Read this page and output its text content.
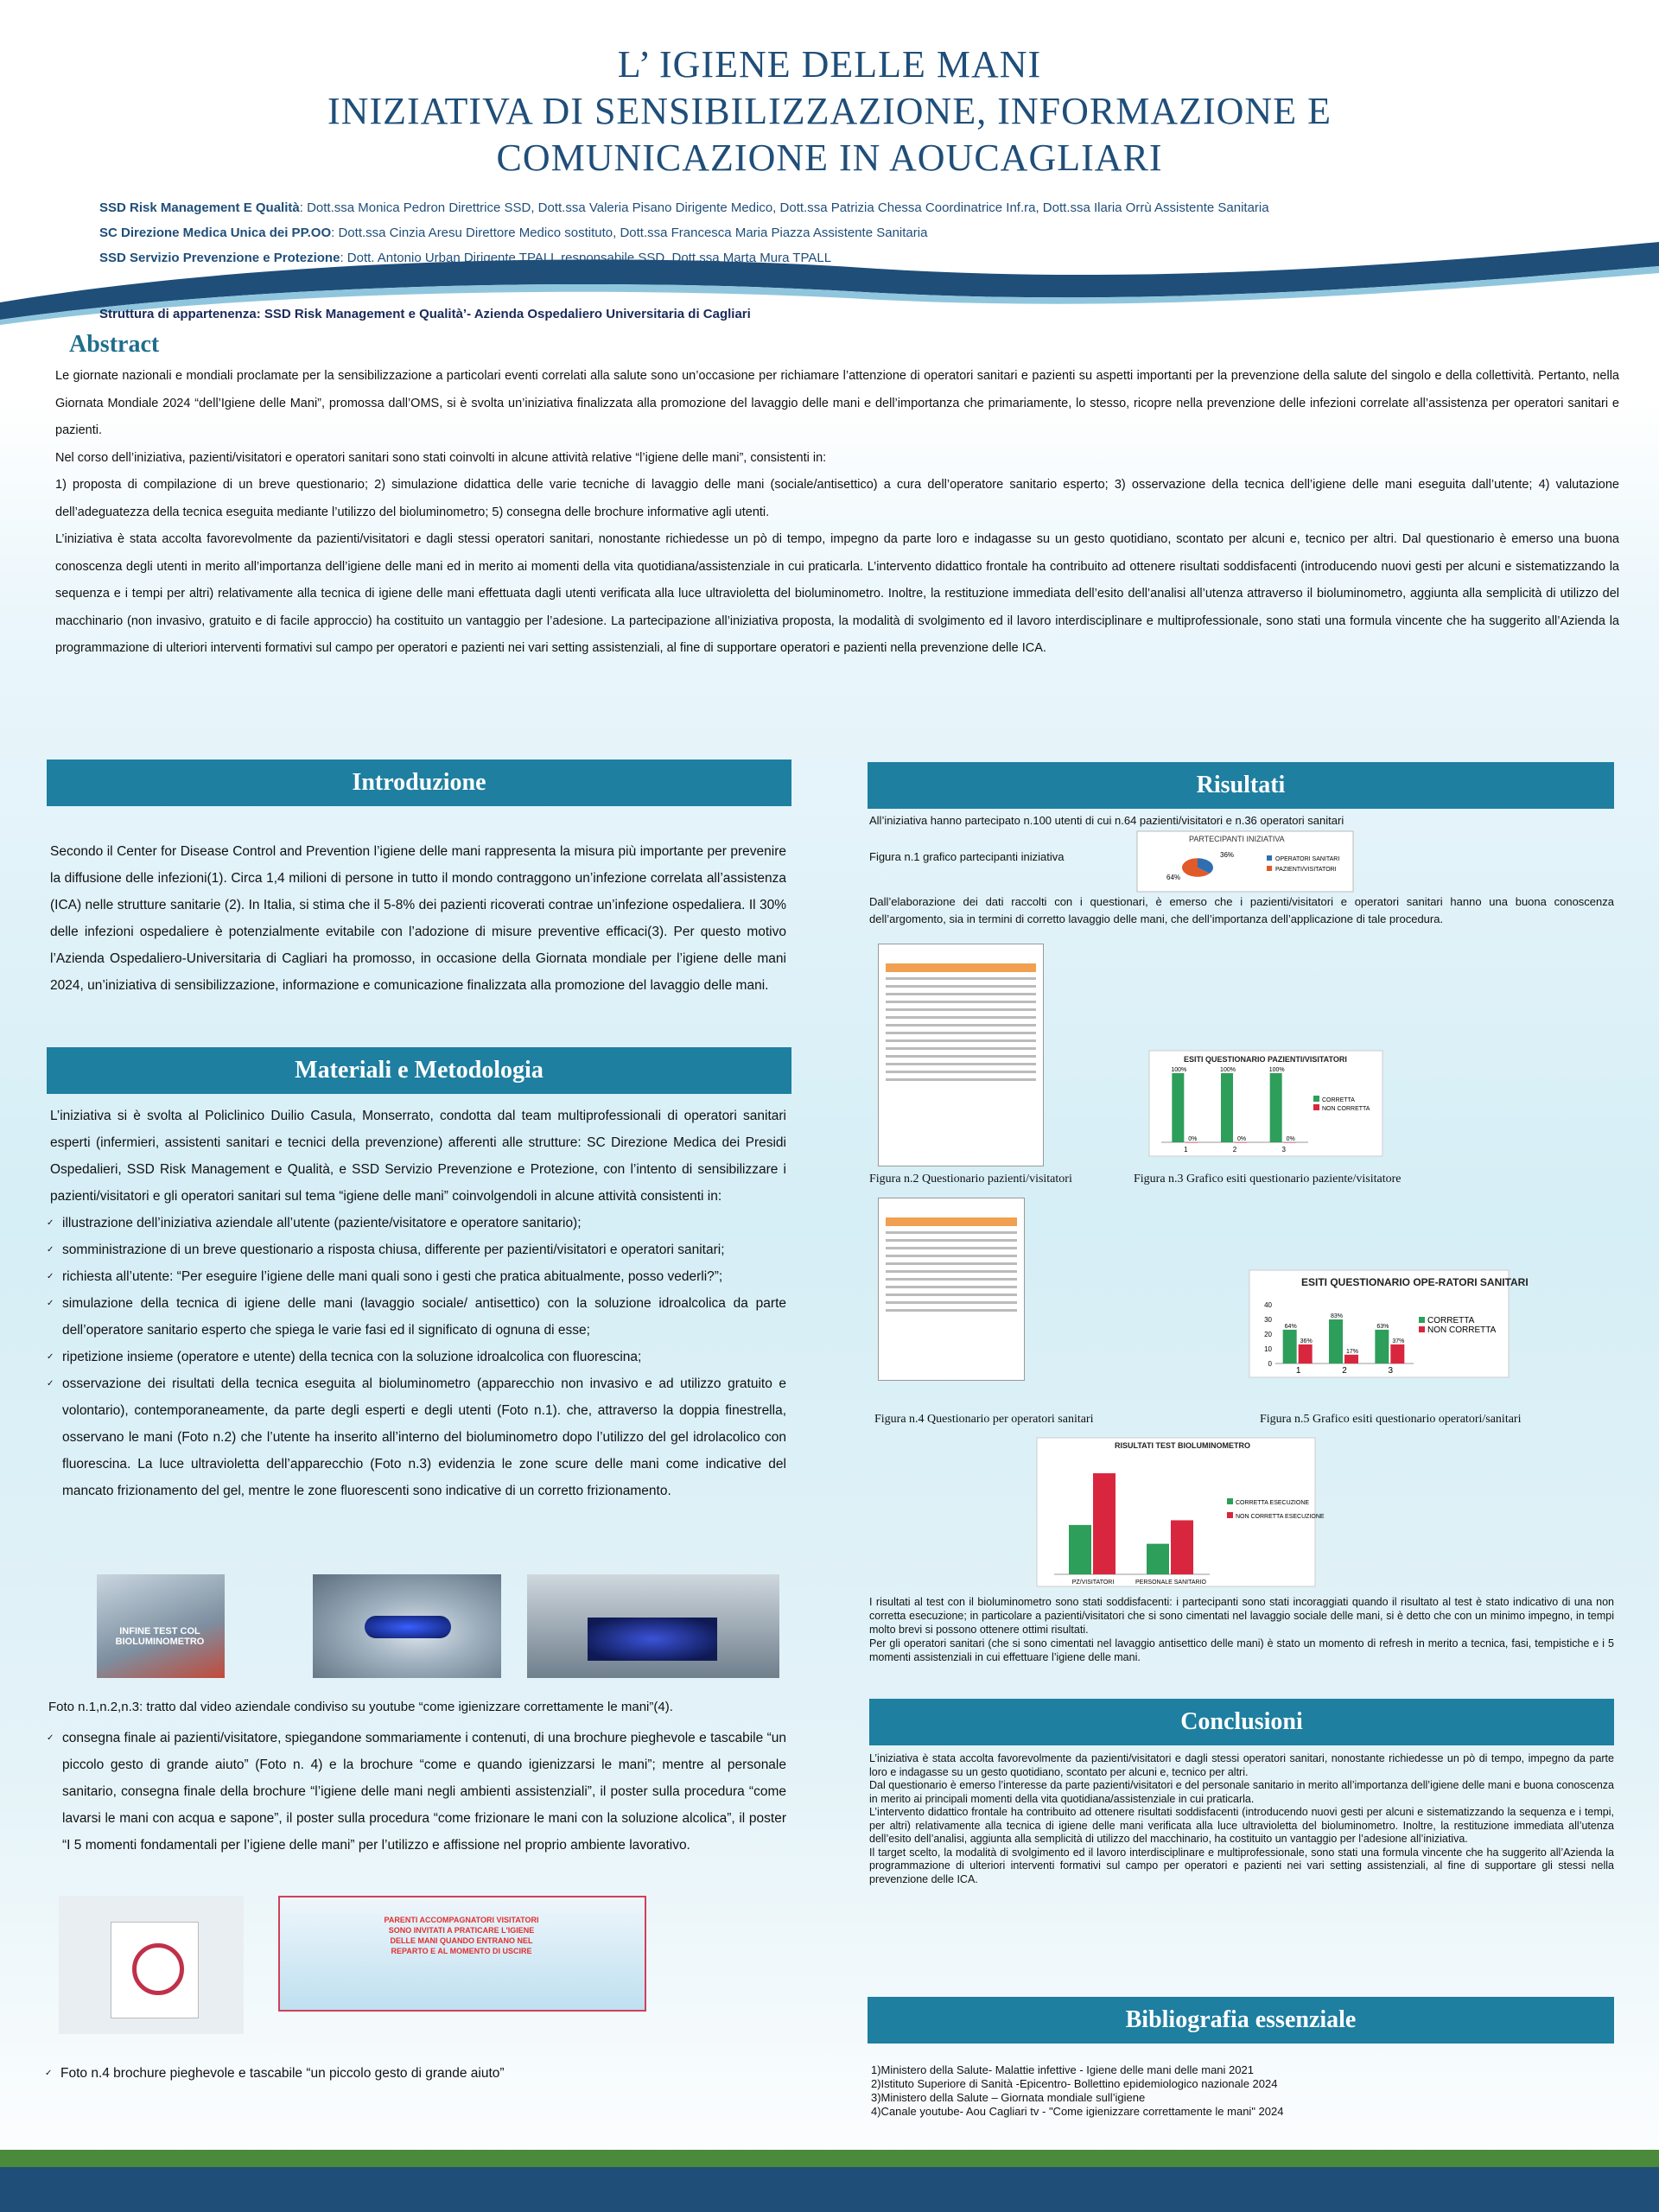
L’ IGIENE DELLE MANI
INIZIATIVA DI SENSIBILIZZAZIONE, INFORMAZIONE E
COMUNICAZIONE IN AOUCAGLIARI
SSD Risk Management E Qualità: Dott.ssa Monica Pedron Direttrice SSD, Dott.ssa Valeria Pisano Dirigente Medico, Dott.ssa Patrizia Chessa Coordinatrice Inf.ra, Dott.ssa Ilaria Orrù Assistente Sanitaria
SC Direzione Medica Unica dei PP.OO: Dott.ssa Cinzia Aresu Direttore Medico sostituto, Dott.ssa Francesca Maria Piazza Assistente Sanitaria
SSD Servizio Prevenzione e Protezione: Dott. Antonio Urban Dirigente TPALL responsabile SSD, Dott.ssa Marta Mura TPALL
Struttura di appartenenza: SSD Risk Management e Qualità’- Azienda Ospedaliero Universitaria di Cagliari
Abstract

Le giornate nazionali e mondiali proclamate per la sensibilizzazione a particolari eventi correlati alla salute sono un’occasione per richiamare l’attenzione di operatori sanitari e pazienti su aspetti importanti per la prevenzione della salute del singolo e della collettività. Pertanto, nella Giornata Mondiale 2024 “dell’Igiene delle Mani”, promossa dall’OMS, si è svolta un’iniziativa finalizzata alla promozione del lavaggio delle mani e dell’importanza che primariamente, lo stesso, ricopre nella prevenzione delle infezioni correlate all’assistenza per operatori sanitari e pazienti.

Nel corso dell’iniziativa, pazienti/visitatori e operatori sanitari sono stati coinvolti in alcune attività relative “l’igiene delle mani”, consistenti in:

1) proposta di compilazione di un breve questionario; 2) simulazione didattica delle varie tecniche di lavaggio delle mani (sociale/antisettico) a cura dell’operatore sanitario esperto; 3) osservazione della tecnica dell’igiene delle mani eseguita dall’utente; 4) valutazione dell’adeguatezza della tecnica eseguita mediante l’utilizzo del bioluminometro; 5) consegna delle brochure informative agli utenti.

L’iniziativa è stata accolta favorevolmente da pazienti/visitatori e dagli stessi operatori sanitari, nonostante richiedesse un pò di tempo, impegno da parte loro e indagasse su un gesto quotidiano, scontato per alcuni e, tecnico per altri. Dal questionario è emerso una buona conoscenza degli utenti in merito all’importanza dell’igiene delle mani ed in merito ai momenti della vita quotidiana/assistenziale in cui praticarla. L’intervento didattico frontale ha contribuito ad ottenere risultati soddisfacenti (introducendo nuovi gesti per alcuni e sistematizzando la sequenza e i tempi per altri) relativamente alla tecnica di igiene delle mani effettuata dagli utenti verificata alla luce ultravioletta del bioluminometro. Inoltre, la restituzione immediata dell’esito dell’analisi all’utenza attraverso il bioluminometro, aggiunta alla semplicità di utilizzo del macchinario (non invasivo, gratuito e di facile approccio) ha costituito un vantaggio per l’adesione. La partecipazione all’iniziativa proposta, la modalità di svolgimento ed il lavoro interdisciplinare e multiprofessionale, sono stati una formula vincente che ha suggerito all’Azienda la programmazione di ulteriori interventi formativi sul campo per operatori e pazienti nei vari setting assistenziali, al fine di supportare operatori e pazienti nella prevenzione delle ICA.

Introduzione
Secondo il Center for Disease Control and Prevention l’igiene delle mani rappresenta la misura più importante per prevenire la diffusione delle infezioni(1). Circa 1,4 milioni di persone in tutto il mondo contraggono un’infezione correlata all’assistenza (ICA) nelle strutture sanitarie (2). In Italia, si stima che il 5-8% dei pazienti ricoverati contrae un’infezione ospedaliera. Il 30% delle infezioni ospedaliere è potenzialmente evitabile con l’adozione di misure preventive efficaci(3). Per questo motivo l’Azienda Ospedaliero-Universitaria di Cagliari ha promosso, in occasione della Giornata mondiale per l’igiene delle mani 2024, un’iniziativa di sensibilizzazione, informazione e comunicazione finalizzata alla promozione del lavaggio delle mani.
Materiali e Metodologia

L’iniziativa si è svolta al Policlinico Duilio Casula, Monserrato, condotta dal team multiprofessionali di operatori sanitari esperti (infermieri, assistenti sanitari e tecnici della prevenzione) afferenti alle strutture: SC Direzione Medica dei Presidi Ospedalieri, SSD Risk Management e Qualità, e SSD Servizio Prevenzione e Protezione, con l’intento di sensibilizzare i pazienti/visitatori e gli operatori sanitari sul tema “igiene delle mani” coinvolgendoli in alcune attività consistenti in:

✓ illustrazione dell’iniziativa aziendale all’utente (paziente/visitatore e operatore sanitario);
✓ somministrazione di un breve questionario a risposta chiusa, differente per pazienti/visitatori e operatori sanitari;
✓ richiesta all’utente: “Per eseguire l’igiene delle mani quali sono i gesti che pratica abitualmente, posso vederli?”;
✓ simulazione della tecnica di igiene delle mani (lavaggio sociale/ antisettico) con la soluzione idroalcolica da parte dell’operatore sanitario esperto che spiega le varie fasi ed il significato di ognuna di esse;
✓ ripetizione insieme (operatore e utente) della tecnica con la soluzione idroalcolica con fluorescina;
✓ osservazione dei risultati della tecnica eseguita al bioluminometro (apparecchio non invasivo e ad utilizzo gratuito e volontario), contemporaneamente, da parte degli esperti e degli utenti (Foto n.1). che, attraverso la doppia finestrella, osservano le mani (Foto n.2) che l’utente ha inserito all’interno del bioluminometro dopo l’utilizzo del gel idrolacolico con fluorescina. La luce ultravioletta dell’apparecchio (Foto n.3) evidenzia le zone scure delle mani come indicative del mancato frizionamento del gel, mentre le zone fluorescenti sono indicative di un corretto frizionamento.
INFINE TEST COL BIOLUMINOMETRO
Foto n.1,n.2,n.3: tratto dal video aziendale condiviso su youtube “come igienizzare correttamente le mani”(4).
✓ consegna finale ai pazienti/visitatore, spiegandone sommariamente i contenuti, di una brochure pieghevole e tascabile “un piccolo gesto di grande aiuto” (Foto n. 4) e la brochure “come e quando igienizzarsi le mani”; mentre al personale sanitario, consegna finale della brochure “l’igiene delle mani negli ambienti assistenziali”, il poster sulla procedura “come lavarsi le mani con acqua e sapone”, il poster sulla procedura “come frizionare le mani con la soluzione alcolica”, il poster “I 5 momenti fondamentali per l’igiene delle mani” per l’utilizzo e affissione nel proprio ambiente lavorativo.
PARENTI ACCOMPAGNATORI VISITATORI SONO INVITATI A PRATICARE L'IGIENE DELLE MANI QUANDO ENTRANO NEL REPARTO E AL MOMENTO DI USCIRE
✓ Foto n.4 brochure pieghevole e tascabile “un piccolo gesto di grande aiuto”
Risultati
All’iniziativa hanno partecipato n.100 utenti di cui n.64 pazienti/visitatori e n.36 operatori sanitari
Figura n.1 grafico partecipanti iniziativa
PARTECIPANTI INIZIATIVA
36%
64%
OPERATORI SANITARI
PAZIENTI/VISITATORI
Dall’elaborazione dei dati raccolti con i questionari, è emerso che i pazienti/visitatori e operatori sanitari hanno una buona conoscenza dell’argomento, sia in termini di corretto lavaggio delle mani, che dell’importanza dell’applicazione di tale procedura.
ESITI QUESTIONARIO PAZIENTI/VISITATORI
100%
0%
1
100%
0%
2
100%
0%
3
CORRETTA
NON CORRETTA
Figura n.2 Questionario pazienti/visitatori	Figura n.3 Grafico esiti questionario paziente/visitatore
ESITI QUESTIONARIO OPE-RATORI SANITARI
0
10
20
30
40
64%
36%
1
83%
17%
2
63%
37%
3
CORRETTA
NON CORRETTA
Figura n.4 Questionario per operatori sanitari	Figura n.5 Grafico esiti questionario operatori/sanitari
RISULTATI TEST BIOLUMINOMETRO
PZ/VISITATORI	PERSONALE SANITARIO
CORRETTA ESECUZIONE
NON CORRETTA ESECUZIONE
I risultati al test con il bioluminometro sono stati soddisfacenti: i partecipanti sono stati incoraggiati quando il risultato al test è stato indicativo di una non corretta esecuzione; in particolare a pazienti/visitatori che si sono cimentati nel lavaggio sociale delle mani, si è detto che con un minimo impegno, in tempi molto brevi si possono ottenere ottimi risultati.
Per gli operatori sanitari (che si sono cimentati nel lavaggio antisettico delle mani) è stato un momento di refresh in merito a tecnica, fasi, tempistiche e i 5 momenti assistenziali in cui effettuare l’igiene delle mani.
Conclusioni
L’iniziativa è stata accolta favorevolmente da pazienti/visitatori e dagli stessi operatori sanitari, nonostante richiedesse un pò di tempo, impegno da parte loro e indagasse su un gesto quotidiano, scontato per alcuni e, tecnico per altri.
Dal questionario è emerso l’interesse da parte pazienti/visitatori e del personale sanitario in merito all’importanza dell’igiene delle mani e buona conoscenza in merito ai principali momenti della vita quotidiana/assistenziale in cui praticarla.
L’intervento didattico frontale ha contribuito ad ottenere risultati soddisfacenti (introducendo nuovi gesti per alcuni e sistematizzando la sequenza e i tempi, per altri) relativamente alla tecnica di igiene delle mani verificata alla luce ultravioletta del bioluminometro. Inoltre, la restituzione immediata all’utenza dell’esito dell’analisi, aggiunta alla semplicità di utilizzo del macchinario, ha costituito un vantaggio per l’adesione all’iniziativa.
Il target scelto, la modalità di svolgimento ed il lavoro interdisciplinare e multiprofessionale, sono stati una formula vincente che ha suggerito all’Azienda la programmazione di ulteriori interventi formativi sul campo per operatori e pazienti nei vari setting assistenziali, al fine di supportare gli stessi nella prevenzione delle ICA.
Bibliografia essenziale
1)Ministero della Salute- Malattie infettive - Igiene delle mani delle mani 2021
2)Istituto Superiore di Sanità -Epicentro- Bollettino epidemiologico nazionale 2024
3)Ministero della Salute – Giornata mondiale sull’igiene
4)Canale youtube- Aou Cagliari tv - "Come igienizzare correttamente le mani" 2024
